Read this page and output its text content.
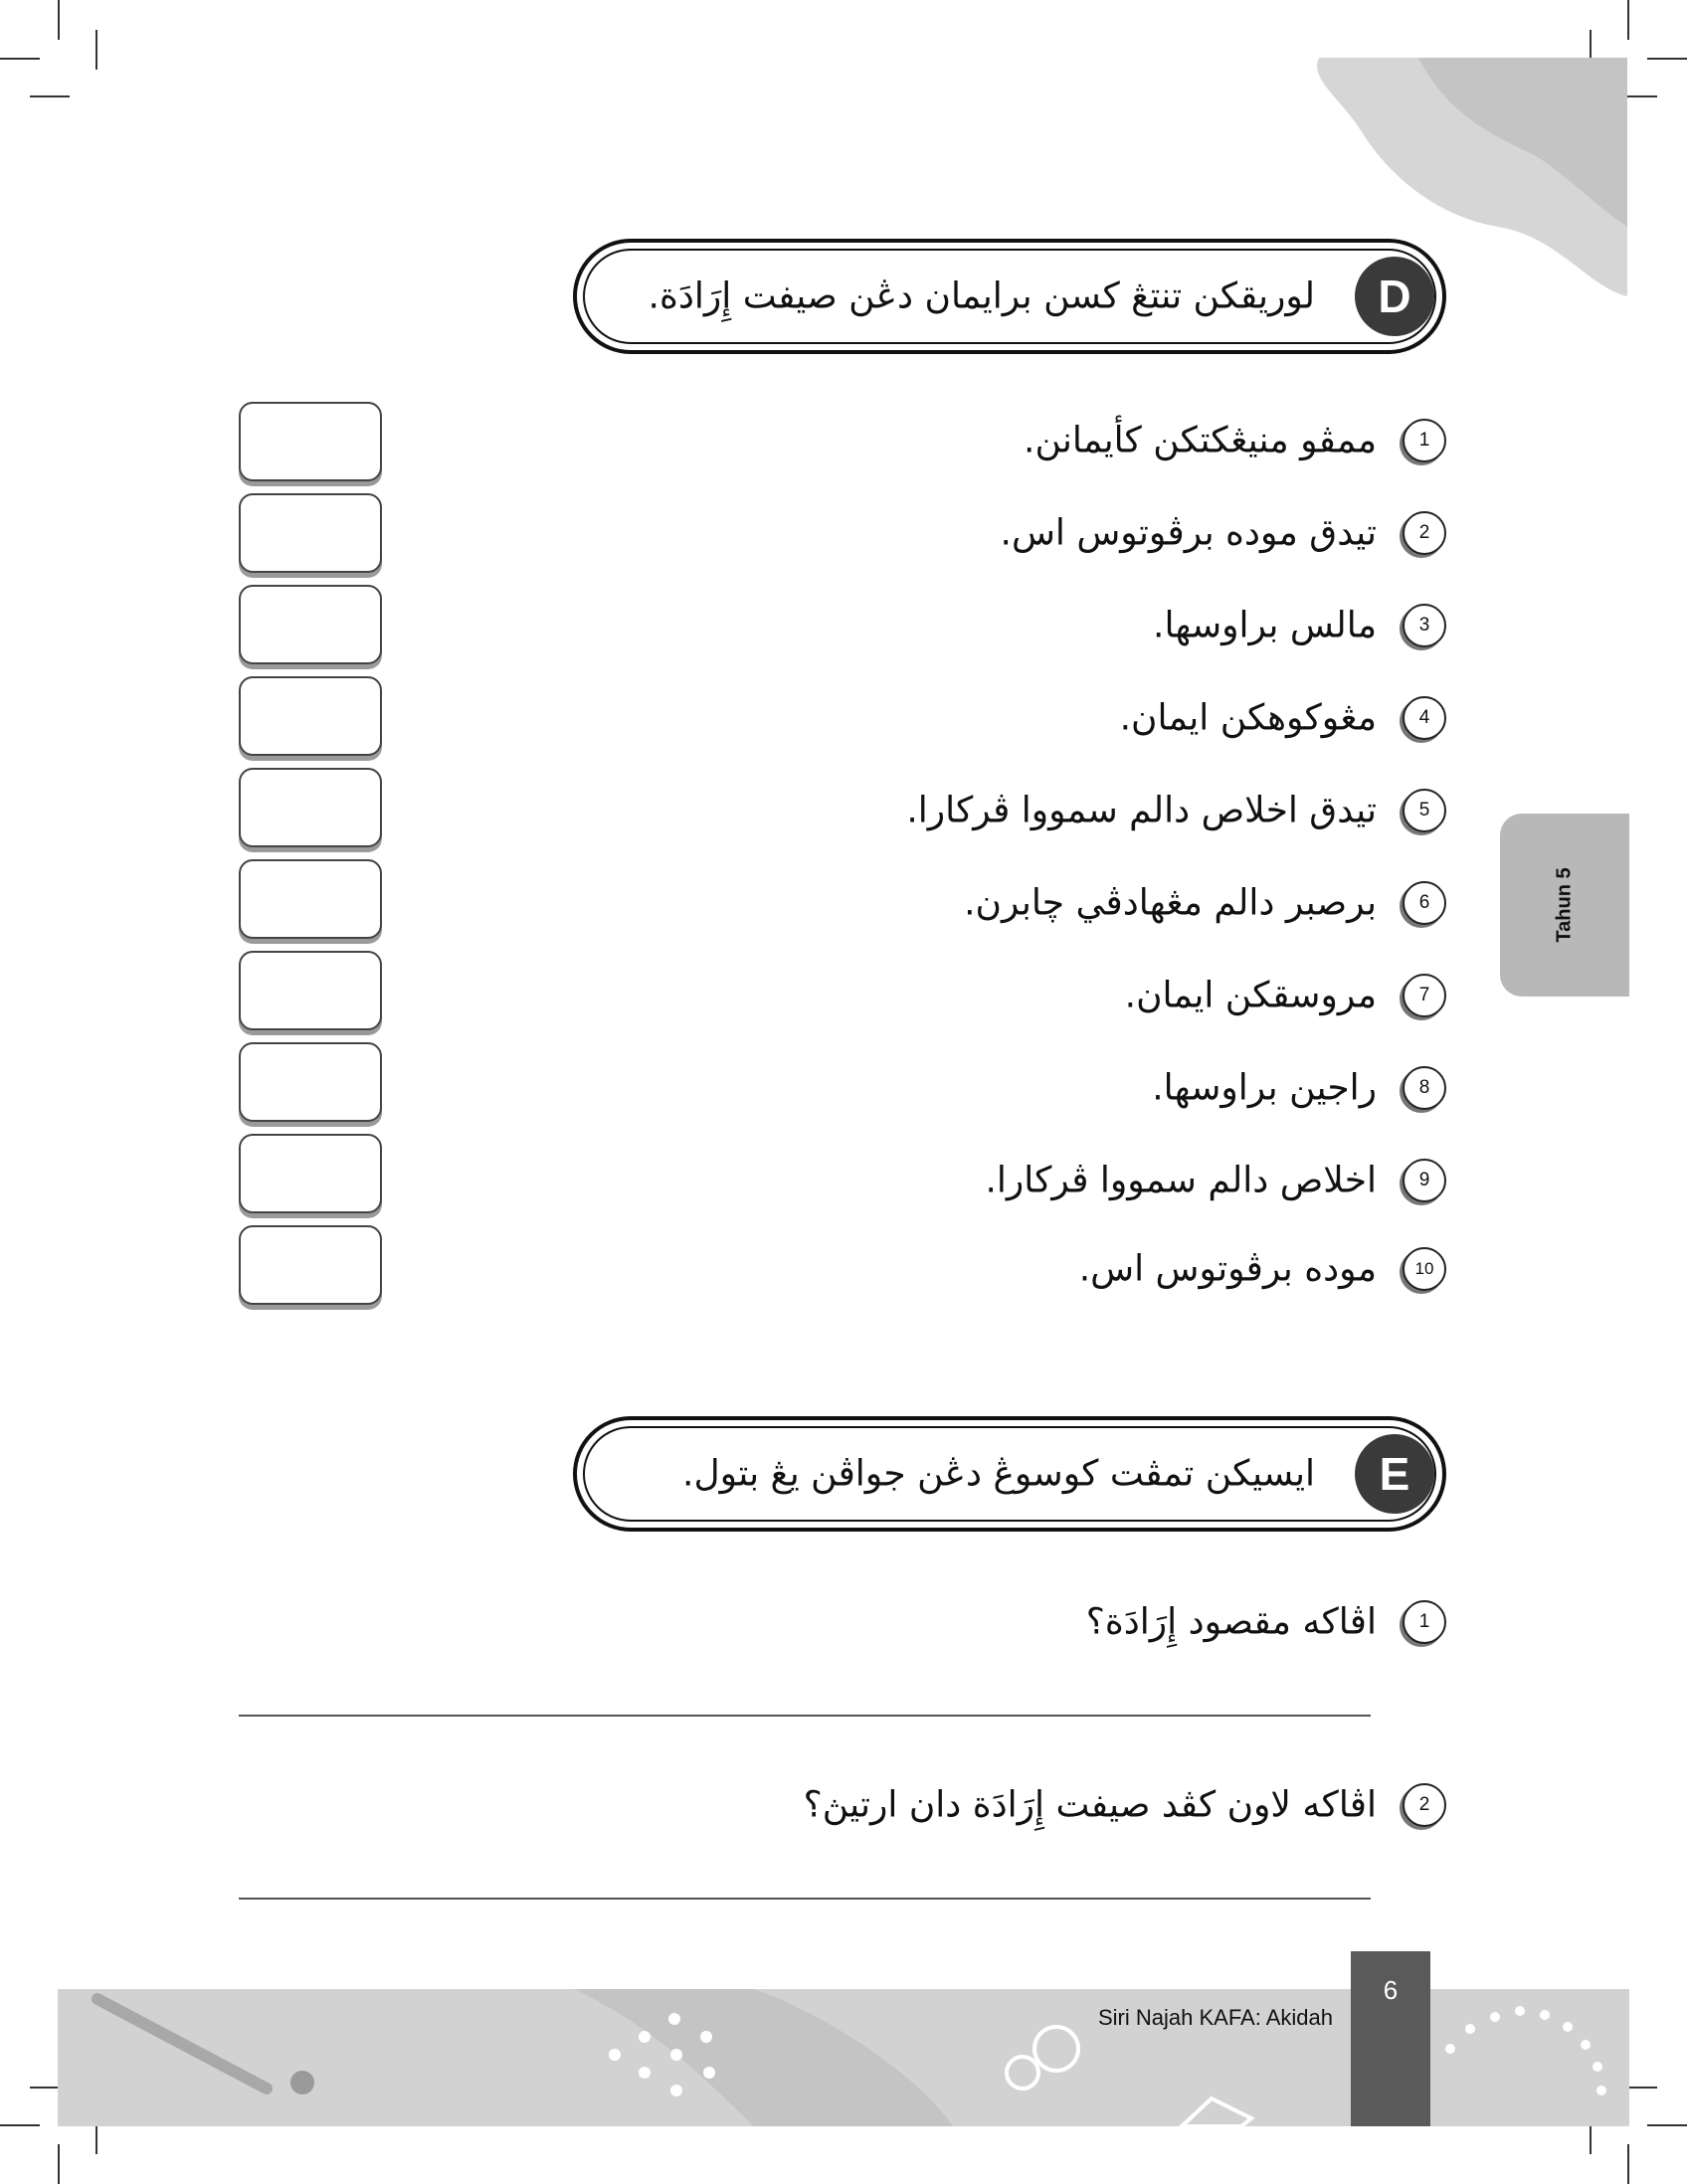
Tahun 5
D
لوريقكن تنتڠ كسن برايمان دڠن صيفت إِرَادَة.
1
ممڤو منيڠكتكن كأيمانن.
2
تيدق موده برڤوتوس اس.
3
مالس براوسها.
4
مڠوكوهكن ايمان.
5
تيدق اخلاص دالم سمووا ڤركارا.
6
برصبر دالم مڠهادڤي چابرن.
7
مروسقكن ايمان.
8
راجين براوسها.
9
اخلاص دالم سمووا ڤركارا.
10
موده برڤوتوس اس.
E
ايسيكن تمڤت كوسوڠ دڠن جواڤن يڠ بتول.
1
اڤاكه مقصود إِرَادَة؟
2
اڤاكه لاون كڤد صيفت إِرَادَة دان ارتيڽ؟
Siri Najah KAFA: Akidah
6
